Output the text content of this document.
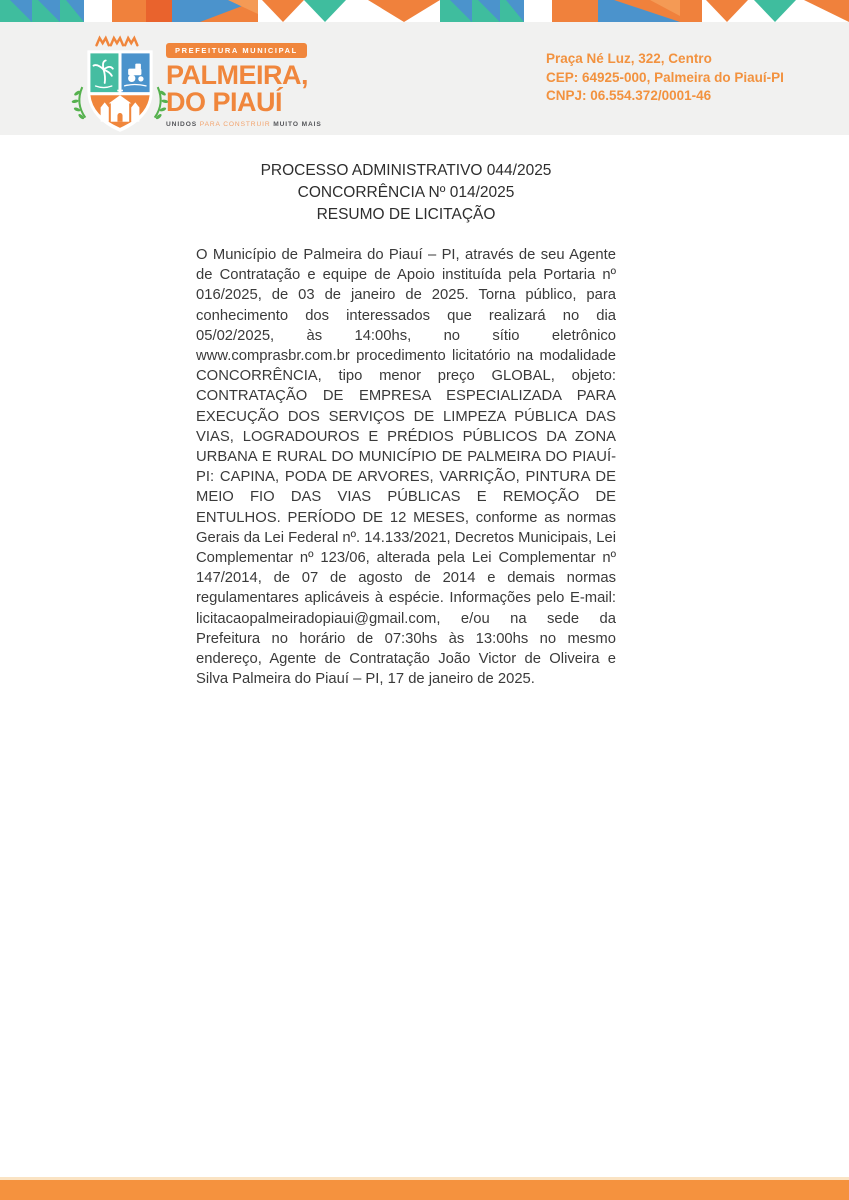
PREFEITURA MUNICIPAL
PALMEIRA,
DO PIAUÍ
UNIDOS PARA CONSTRUIR MUITO MAIS
Praça Né Luz, 322, Centro
CEP: 64925-000, Palmeira do Piauí-PI
CNPJ: 06.554.372/0001-46
PROCESSO ADMINISTRATIVO 044/2025
CONCORRÊNCIA Nº 014/2025
RESUMO DE LICITAÇÃO

O Município de Palmeira do Piauí – PI, através de seu Agente de Contratação e equipe de Apoio instituída pela Portaria nº 016/2025, de 03 de janeiro de 2025. Torna público, para conhecimento dos interessados que realizará no dia 05/02/2025, às 14:00hs, no sítio eletrônico www.comprasbr.com.br procedimento licitatório na modalidade CONCORRÊNCIA, tipo menor preço GLOBAL, objeto: CONTRATAÇÃO DE EMPRESA ESPECIALIZADA PARA EXECUÇÃO DOS SERVIÇOS DE LIMPEZA PÚBLICA DAS VIAS, LOGRADOUROS E PRÉDIOS PÚBLICOS DA ZONA URBANA E RURAL DO MUNICÍPIO DE PALMEIRA DO PIAUÍ-PI: CAPINA, PODA DE ARVORES, VARRIÇÃO, PINTURA DE MEIO FIO DAS VIAS PÚBLICAS E REMOÇÃO DE ENTULHOS. PERÍODO DE 12 MESES, conforme as normas Gerais da Lei Federal nº. 14.133/2021, Decretos Municipais, Lei Complementar nº 123/06, alterada pela Lei Complementar nº 147/2014, de 07 de agosto de 2014 e demais normas regulamentares aplicáveis à espécie. Informações pelo E-mail: licitacaopalmeiradopiaui@gmail.com, e/ou na sede da Prefeitura no horário de 07:30hs às 13:00hs no mesmo endereço, Agente de Contratação João Victor de Oliveira e Silva Palmeira do Piauí – PI, 17 de janeiro de 2025.
